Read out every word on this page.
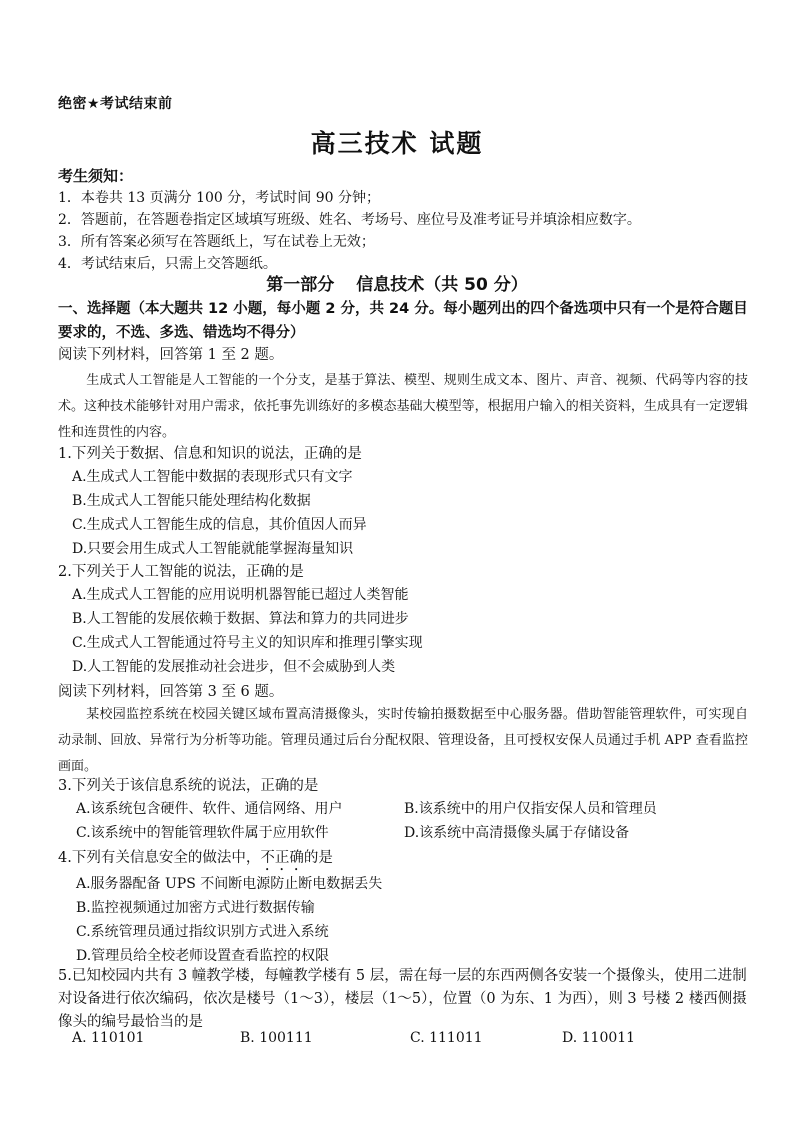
绝密★考试结束前
高三技术 试题
考生须知：
1．本卷共 13 页满分 100 分，考试时间 90 分钟；
2．答题前，在答题卷指定区域填写班级、姓名、考场号、座位号及准考证号并填涂相应数字。
3．所有答案必须写在答题纸上，写在试卷上无效；
4．考试结束后，只需上交答题纸。
第一部分 信息技术（共 50 分）
一、选择题（本大题共 12 小题，每小题 2 分，共 24 分。每小题列出的四个备选项中只有一个是符合题目要求的，不选、多选、错选均不得分）
阅读下列材料，回答第 1 至 2 题。
生成式人工智能是人工智能的一个分支，是基于算法、模型、规则生成文本、图片、声音、视频、代码等内容的技术。这种技术能够针对用户需求，依托事先训练好的多模态基础大模型等，根据用户输入的相关资料，生成具有一定逻辑性和连贯性的内容。
1.下列关于数据、信息和知识的说法，正确的是
A.生成式人工智能中数据的表现形式只有文字
B.生成式人工智能只能处理结构化数据
C.生成式人工智能生成的信息，其价值因人而异
D.只要会用生成式人工智能就能掌握海量知识
2.下列关于人工智能的说法，正确的是
A.生成式人工智能的应用说明机器智能已超过人类智能
B.人工智能的发展依赖于数据、算法和算力的共同进步
C.生成式人工智能通过符号主义的知识库和推理引擎实现
D.人工智能的发展推动社会进步，但不会威胁到人类
阅读下列材料，回答第 3 至 6 题。
某校园监控系统在校园关键区域布置高清摄像头，实时传输拍摄数据至中心服务器。借助智能管理软件，可实现自动录制、回放、异常行为分析等功能。管理员通过后台分配权限、管理设备，且可授权安保人员通过手机 APP 查看监控画面。
3.下列关于该信息系统的说法，正确的是
A.该系统包含硬件、软件、通信网络、用户	B.该系统中的用户仅指安保人员和管理员
C.该系统中的智能管理软件属于应用软件	D.该系统中高清摄像头属于存储设备
4.下列有关信息安全的做法中，不正确的是
A.服务器配备 UPS 不间断电源防止断电数据丢失
B.监控视频通过加密方式进行数据传输
C.系统管理员通过指纹识别方式进入系统
D.管理员给全校老师设置查看监控的权限
5.已知校园内共有 3 幢教学楼，每幢教学楼有 5 层，需在每一层的东西两侧各安装一个摄像头，使用二进制对设备进行依次编码，依次是楼号（1～3），楼层（1～5），位置（0 为东、1 为西），则 3 号楼 2 楼西侧摄像头的编号最恰当的是
A. 110101	B. 100111	C. 111011	D. 110011
